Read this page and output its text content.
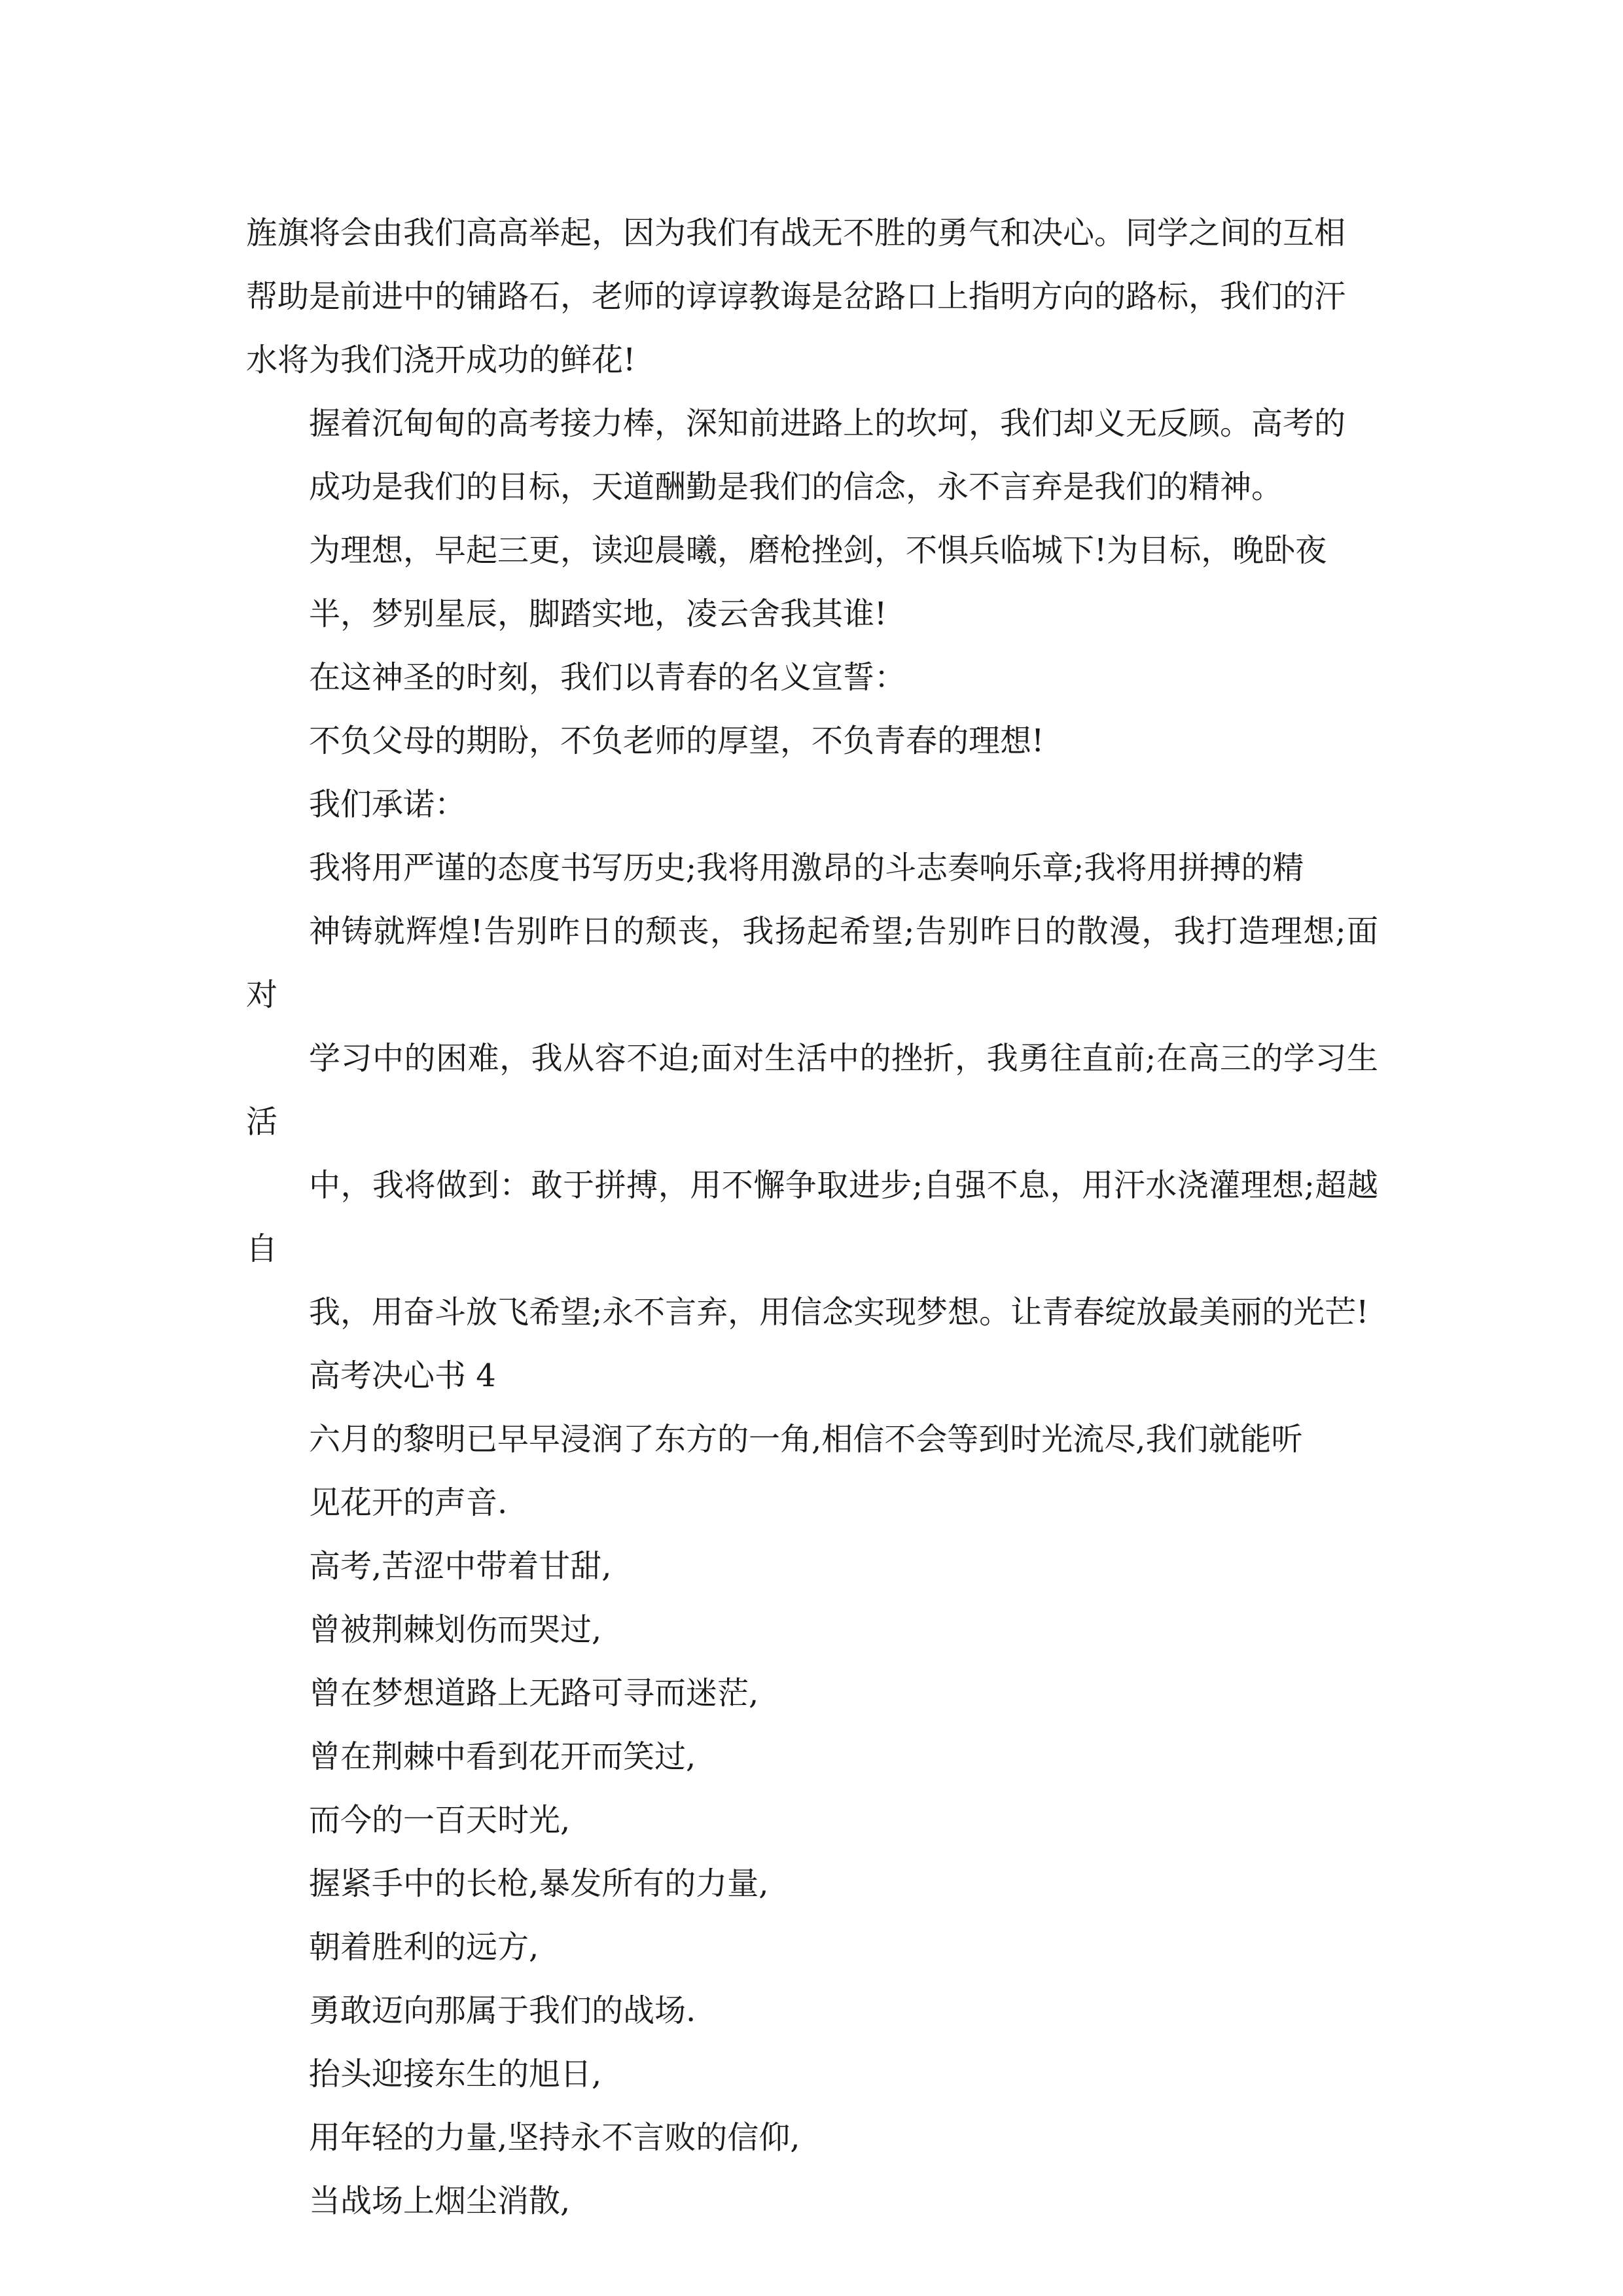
旌旗将会由我们高高举起，因为我们有战无不胜的勇气和决心。同学之间的互相
帮助是前进中的铺路石，老师的谆谆教诲是岔路口上指明方向的路标，我们的汗
水将为我们浇开成功的鲜花!

握着沉甸甸的高考接力棒，深知前进路上的坎坷，我们却义无反顾。高考的
成功是我们的目标，天道酬勤是我们的信念，永不言弃是我们的精神。

为理想，早起三更，读迎晨曦，磨枪挫剑，不惧兵临城下!为目标，晚卧夜
半，梦别星辰，脚踏实地，凌云舍我其谁!

在这神圣的时刻，我们以青春的名义宣誓：

不负父母的期盼，不负老师的厚望，不负青春的理想!

我们承诺：

我将用严谨的态度书写历史;我将用激昂的斗志奏响乐章;我将用拼搏的精
神铸就辉煌!告别昨日的颓丧，我扬起希望;告别昨日的散漫，我打造理想;面对
学习中的困难，我从容不迫;面对生活中的挫折，我勇往直前;在高三的学习生活
中，我将做到：敢于拼搏，用不懈争取进步;自强不息，用汗水浇灌理想;超越自
我，用奋斗放飞希望;永不言弃，用信念实现梦想。让青春绽放最美丽的光芒!

高考决心书 4

六月的黎明已早早浸润了东方的一角,相信不会等到时光流尽,我们就能听
见花开的声音.

高考,苦涩中带着甘甜,

曾被荆棘划伤而哭过,

曾在梦想道路上无路可寻而迷茫,

曾在荆棘中看到花开而笑过,

而今的一百天时光,

握紧手中的长枪,暴发所有的力量,

朝着胜利的远方,

勇敢迈向那属于我们的战场.

抬头迎接东生的旭日,

用年轻的力量,坚持永不言败的信仰,

当战场上烟尘消散,
